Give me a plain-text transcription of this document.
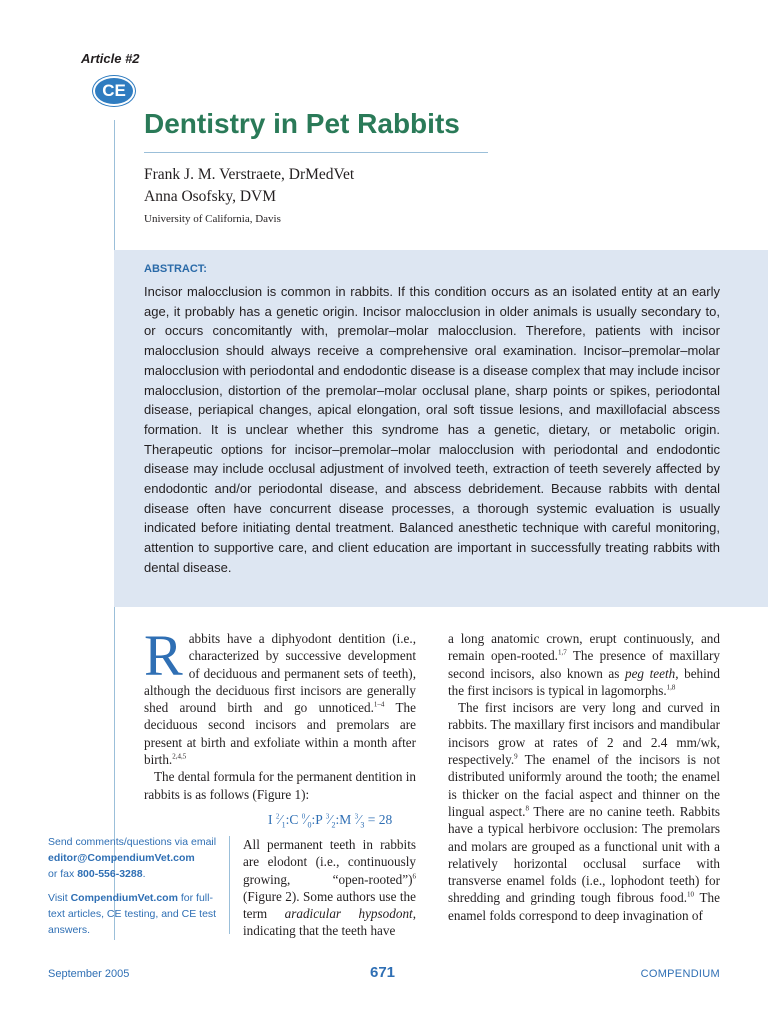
Article #2
CE
Dentistry in Pet Rabbits
Frank J. M. Verstraete, DrMedVet
Anna Osofsky, DVM
University of California, Davis
ABSTRACT:

Incisor malocclusion is common in rabbits. If this condition occurs as an isolated entity at an early age, it probably has a genetic origin. Incisor malocclusion in older animals is usually secondary to, or occurs concomitantly with, premolar–molar malocclusion. Therefore, patients with incisor malocclusion should always receive a comprehensive oral examination. Incisor–premolar–molar malocclusion with periodontal and endodontic disease is a disease complex that may include incisor malocclusion, distortion of the premolar–molar occlusal plane, sharp points or spikes, periodontal disease, periapical changes, apical elongation, oral soft tissue lesions, and maxillofacial abscess formation. It is unclear whether this syndrome has a genetic, dietary, or metabolic origin. Therapeutic options for incisor–premolar–molar malocclusion with periodontal and endodontic disease may include occlusal adjustment of involved teeth, extraction of teeth severely affected by endodontic and/or periodontal disease, and abscess debridement. Because rabbits with dental disease often have concurrent disease processes, a thorough systemic evaluation is usually indicated before initiating dental treatment. Balanced anesthetic technique with careful monitoring, attention to supportive care, and client education are important in successfully treating rabbits with dental disease.

Rabbits have a diphyodont dentition (i.e., characterized by successive development of deciduous and permanent sets of teeth), although the deciduous first incisors are generally shed around birth and go unnoticed.$^{1-4}$ The deciduous second incisors and premolars are present at birth and exfoliate within a month after birth.$^{2,4,5}$

The dental formula for the permanent dentition in rabbits is as follows (Figure 1):

I $^2⁄_1:C$ $^0⁄_0:P$ $^3⁄_2:M$ $^3⁄_3 = 28$

All permanent teeth in rabbits are elodont (i.e., continuously growing, “open-rooted”)$^6$ (Figure 2). Some authors use the term aradicular hypsodont, indicating that the teeth have

Send comments/questions via email
editor@CompendiumVet.com
or fax 800-556-3288.
Visit CompendiumVet.com for full-text articles, CE testing, and CE test answers.

a long anatomic crown, erupt continuously, and remain open-rooted.$^{1,7}$ The presence of maxillary second incisors, also known as peg teeth, behind the first incisors is typical in lagomorphs.$^{1,8}$

The first incisors are very long and curved in rabbits. The maxillary first incisors and mandibular incisors grow at rates of 2 and 2.4 mm/wk, respectively.$^9$ The enamel of the incisors is not distributed uniformly around the tooth; the enamel is thicker on the facial aspect and thinner on the lingual aspect.$^8$ There are no canine teeth. Rabbits have a typical herbivore occlusion: The premolars and molars are grouped as a functional unit with a relatively horizontal occlusal surface with transverse enamel folds (i.e., lophodont teeth) for shredding and grinding tough fibrous food.$^{10}$ The enamel folds correspond to deep invagination of

September 2005	671	COMPENDIUM
